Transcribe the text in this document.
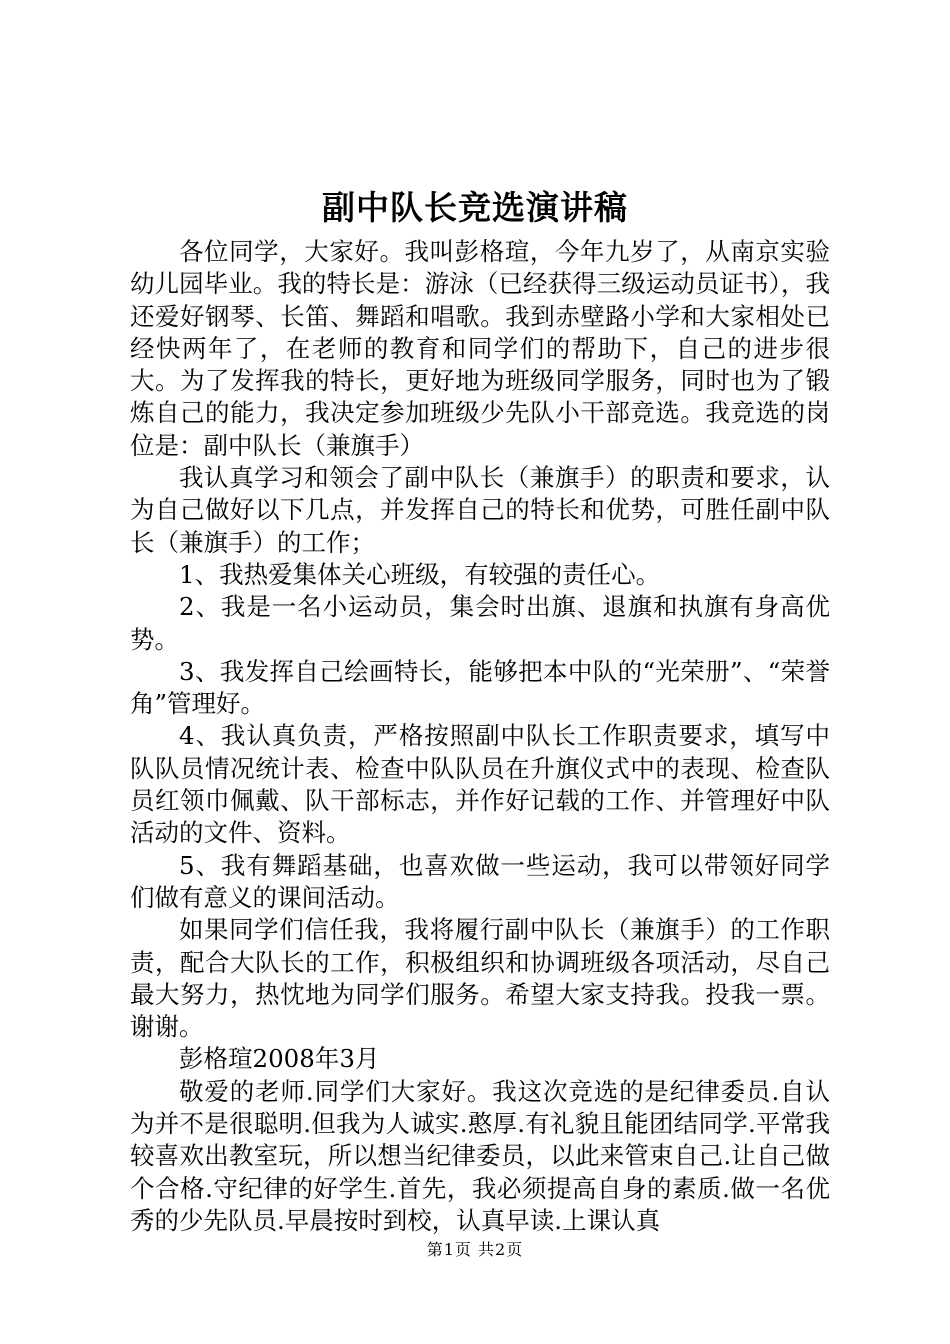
副中队长竞选演讲稿

各位同学，大家好。我叫彭格瑄，今年九岁了，从南京实验幼儿园毕业。我的特长是：游泳（已经获得三级运动员证书），我还爱好钢琴、长笛、舞蹈和唱歌。我到赤壁路小学和大家相处已经快两年了，在老师的教育和同学们的帮助下，自己的进步很大。为了发挥我的特长，更好地为班级同学服务，同时也为了锻炼自己的能力，我决定参加班级少先队小干部竞选。我竞选的岗位是：副中队长（兼旗手）

我认真学习和领会了副中队长（兼旗手）的职责和要求，认为自己做好以下几点，并发挥自己的特长和优势，可胜任副中队长（兼旗手）的工作；

1、我热爱集体关心班级，有较强的责任心。

2、我是一名小运动员，集会时出旗、退旗和执旗有身高优势。

3、我发挥自己绘画特长，能够把本中队的“光荣册”、“荣誉角”管理好。

4、我认真负责，严格按照副中队长工作职责要求，填写中队队员情况统计表、检查中队队员在升旗仪式中的表现、检查队员红领巾佩戴、队干部标志，并作好记载的工作、并管理好中队活动的文件、资料。

5、我有舞蹈基础，也喜欢做一些运动，我可以带领好同学们做有意义的课间活动。

如果同学们信任我，我将履行副中队长（兼旗手）的工作职责，配合大队长的工作，积极组织和协调班级各项活动，尽自己最大努力，热忱地为同学们服务。希望大家支持我。投我一票。谢谢。

彭格瑄2008年3月

敬爱的老师.同学们大家好。我这次竞选的是纪律委员.自认为并不是很聪明.但我为人诚实.憨厚.有礼貌且能团结同学.平常我较喜欢出教室玩，所以想当纪律委员，以此来管束自己.让自己做个合格.守纪律的好学生.首先，我必须提高自身的素质.做一名优秀的少先队员.早晨按时到校，认真早读.上课认真

第1页 共2页
